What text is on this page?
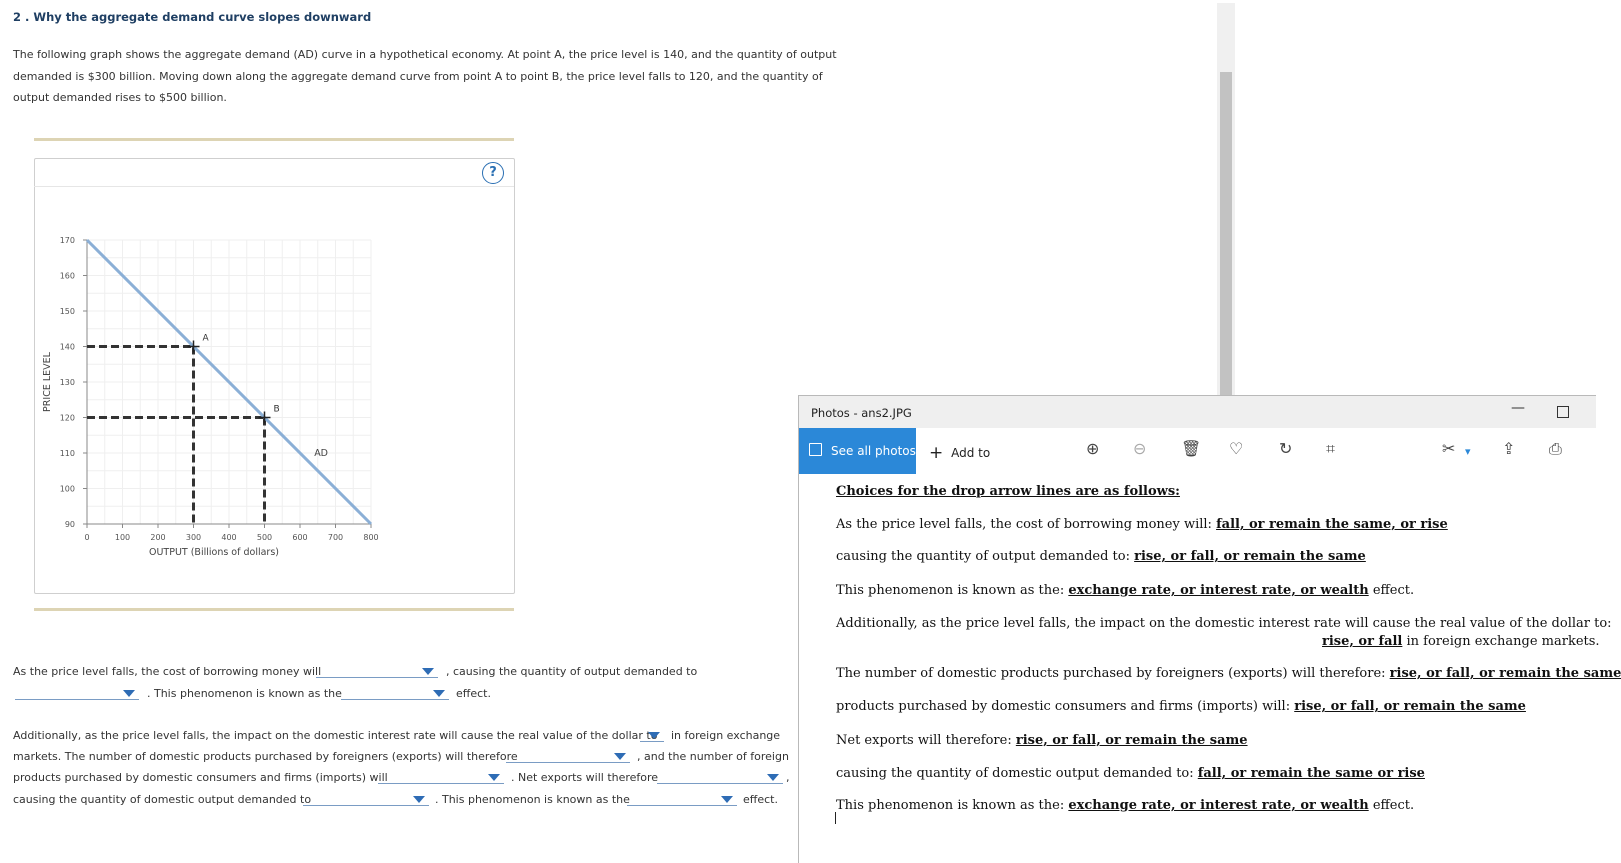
2 . Why the aggregate demand curve slopes downward
The following graph shows the aggregate demand (AD) curve in a hypothetical economy. At point A, the price level is 140, and the quantity of output demanded is $300 billion. Moving down along the aggregate demand curve from point A to point B, the price level falls to 120, and the quantity of output demanded rises to $500 billion.
?
90
100
110
120
130
140
150
160
170
0	100	200	300	400	500	600	700	800
OUTPUT (Billions of dollars)
PRICE LEVEL
A
B
AD
As the price level falls, the cost of borrowing money will	, causing the quantity of output demanded to
. This phenomenon is known as the	effect.
Additionally, as the price level falls, the impact on the domestic interest rate will cause the real value of the dollar to in foreign exchange
markets. The number of domestic products purchased by foreigners (exports) will therefore	, and the number of foreign
products purchased by domestic consumers and firms (imports) will	. Net exports will therefore	,
causing the quantity of domestic output demanded to	. This phenomenon is known as the	effect.
Photos - ans2.JPG	—
See all photos + Add to	⊕ ⊖ 🗑 ♡ ↻ ⌗	✂ ▾ ⇪ ⎙
Choices for the drop arrow lines are as follows:
As the price level falls, the cost of borrowing money will: fall, or remain the same, or rise
causing the quantity of output demanded to: rise, or fall, or remain the same
This phenomenon is known as the: exchange rate, or interest rate, or wealth effect.
Additionally, as the price level falls, the impact on the domestic interest rate will cause the real value of the dollar to:
rise, or fall in foreign exchange markets.
The number of domestic products purchased by foreigners (exports) will therefore: rise, or fall, or remain the same
products purchased by domestic consumers and firms (imports) will: rise, or fall, or remain the same
Net exports will therefore: rise, or fall, or remain the same
causing the quantity of domestic output demanded to: fall, or remain the same or rise
This phenomenon is known as the: exchange rate, or interest rate, or wealth effect.
